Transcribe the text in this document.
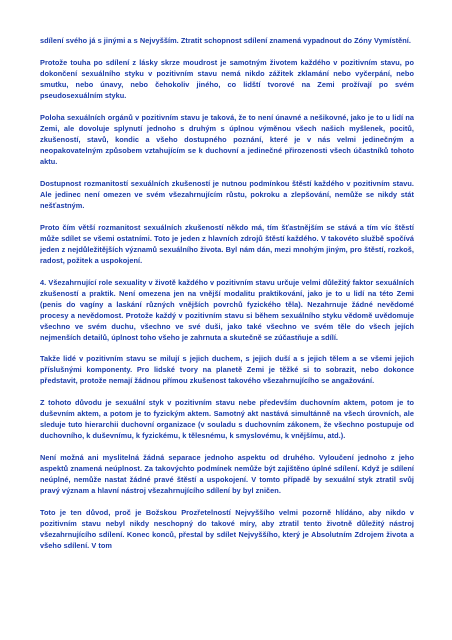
sdílení svého já s jinými a s Nejvyšším. Ztratit schopnost sdílení znamená vypadnout do Zóny Vymístění.

Protože touha po sdílení z lásky skrze moudrost je samotným životem každého v pozitivním stavu, po dokončení sexuálního styku v pozitivním stavu nemá nikdo zážitek zklamání nebo vyčerpání, nebo smutku, nebo únavy, nebo čehokoliv jiného, co lidští tvorové na Zemi prožívají po svém pseudosexuálním styku.

Poloha sexuálních orgánů v pozitivním stavu je taková, že to není únavné a nešikovné, jako je to u lidí na Zemi, ale dovoluje splynutí jednoho s druhým s úplnou výměnou všech našich myšlenek, pocitů, zkušeností, stavů, kondic a všeho dostupného poznání, které je v nás velmi jedinečným a neopakovatelným způsobem vztahujícím se k duchovní a jedinečné přirozenosti všech účastníků tohoto aktu.

Dostupnost rozmanitostí sexuálních zkušeností je nutnou podmínkou štěstí každého v pozitivním stavu. Ale jedinec není omezen ve svém všezahrnujícím růstu, pokroku a zlepšování, nemůže se nikdy stát nešťastným.

Proto čím větší rozmanitost sexuálních zkušeností někdo má, tím šťastnějším se stává a tím víc štěstí může sdílet se všemi ostatními. Toto je jeden z hlavních zdrojů štěstí každého. V takovéto službě spočívá jeden z nejdůležitějších významů sexuálního života. Byl nám dán, mezi mnohým jiným, pro štěstí, rozkoš, radost, požitek a uspokojení.

4. Všezahrnující role sexuality v životě každého v pozitivním stavu určuje velmi důležitý faktor sexuálních zkušeností a praktik. Není omezena jen na vnější modalitu praktikování, jako je to u lidí na této Zemi (penis do vagíny a laskání různých vnějších povrchů fyzického těla). Nezahrnuje žádné nevědomé procesy a nevědomost. Protože každý v pozitivním stavu si během sexuálního styku vědomě uvědomuje všechno ve svém duchu, všechno ve své duši, jako také všechno ve svém těle do všech jejích nejmenších detailů, úplnost toho všeho je zahrnuta a skutečně se zúčastňuje a sdílí.

Takže lidé v pozitivním stavu se milují s jejich duchem, s jejich duší a s jejich tělem a se všemi jejich příslušnými komponenty. Pro lidské tvory na planetě Zemi je těžké si to sobrazit, nebo dokonce představit, protože nemají žádnou přímou zkušenost takového všezahrnujícího se angažování.

Z tohoto důvodu je sexuální styk v pozitivním stavu nebe především duchovním aktem, potom je to duševním aktem, a potom je to fyzickým aktem. Samotný akt nastává simultánně na všech úrovních, ale sleduje tuto hierarchii duchovní organizace (v souladu s duchovním zákonem, že všechno postupuje od duchovního, k duševnímu, k fyzickému, k tělesnému, k smyslovému, k vnějšímu, atd.).

Není možná ani myslitelná žádná separace jednoho aspektu od druhého. Vyloučení jednoho z jeho aspektů znamená neúplnost. Za takovýchto podmínek nemůže být zajištěno úplné sdílení. Když je sdílení neúplné, nemůže nastat žádné pravé štěstí a uspokojení. V tomto případě by sexuální styk ztratil svůj pravý význam a hlavní nástroj všezahrnujícího sdílení by byl zničen.

Toto je ten důvod, proč je Božskou Prozřetelností Nejvyššího velmi pozorně hlídáno, aby nikdo v pozitivním stavu nebyl nikdy neschopný do takové míry, aby ztratil tento životně důležitý nástroj všezahrnujícího sdílení. Konec konců, přestal by sdílet Nejvyššího, který je Absolutním Zdrojem života a všeho sdílení. V tom
